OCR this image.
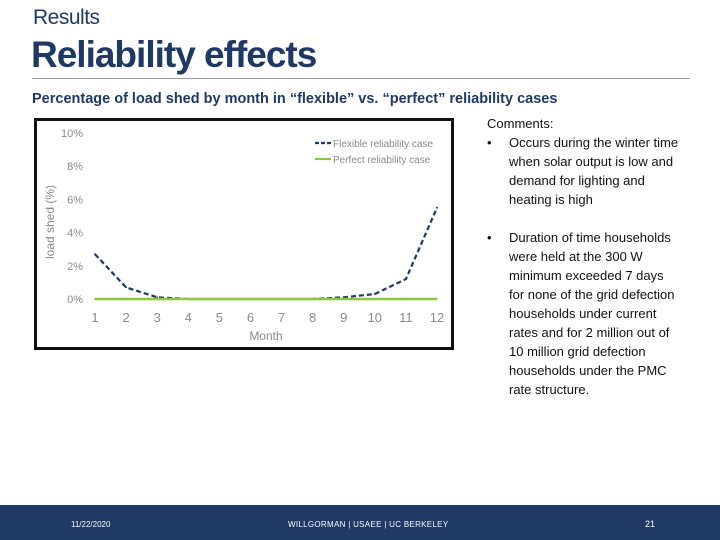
Results
Reliability effects
Percentage of load shed by month in “flexible” vs. “perfect” reliability cases
0%
2%
4%
6%
8%
10%
1 2 3 4 5 6 7 8 9 10 11 12
Month
load shed (%)
Flexible reliability case
Perfect reliability case
Comments:
• Occurs during the winter time when solar output is low and demand for lighting and heating is high
• Duration of time households were held at the 300 W minimum exceeded 7 days for none of the grid defection households under current rates and for 2 million out of 10 million grid defection households under the PMC rate structure.
11/22/2020	WILLGORMAN | USAEE | UC BERKELEY	21
